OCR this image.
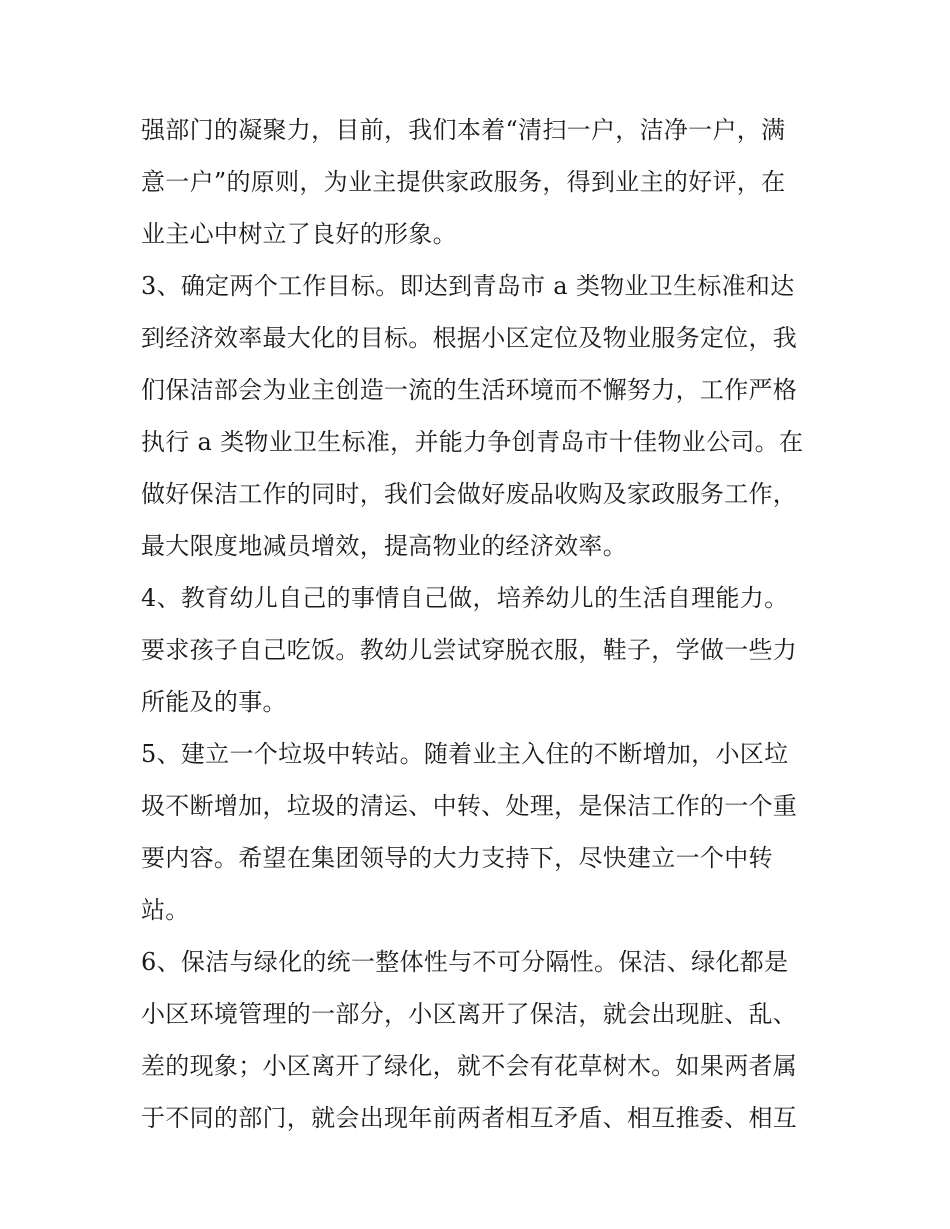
强部门的凝聚力，目前，我们本着“清扫一户，洁净一户，满
意一户”的原则，为业主提供家政服务，得到业主的好评，在
业主心中树立了良好的形象。
3、确定两个工作目标。即达到青岛市 a 类物业卫生标准和达
到经济效率最大化的目标。根据小区定位及物业服务定位，我
们保洁部会为业主创造一流的生活环境而不懈努力，工作严格
执行 a 类物业卫生标准，并能力争创青岛市十佳物业公司。在
做好保洁工作的同时，我们会做好废品收购及家政服务工作，
最大限度地减员增效，提高物业的经济效率。
4、教育幼儿自己的事情自己做，培养幼儿的生活自理能力。
要求孩子自己吃饭。教幼儿尝试穿脱衣服，鞋子，学做一些力
所能及的事。
5、建立一个垃圾中转站。随着业主入住的不断增加，小区垃
圾不断增加，垃圾的清运、中转、处理，是保洁工作的一个重
要内容。希望在集团领导的大力支持下，尽快建立一个中转
站。
6、保洁与绿化的统一整体性与不可分隔性。保洁、绿化都是
小区环境管理的一部分，小区离开了保洁，就会出现脏、乱、
差的现象；小区离开了绿化，就不会有花草树木。如果两者属
于不同的部门，就会出现年前两者相互矛盾、相互推委、相互
